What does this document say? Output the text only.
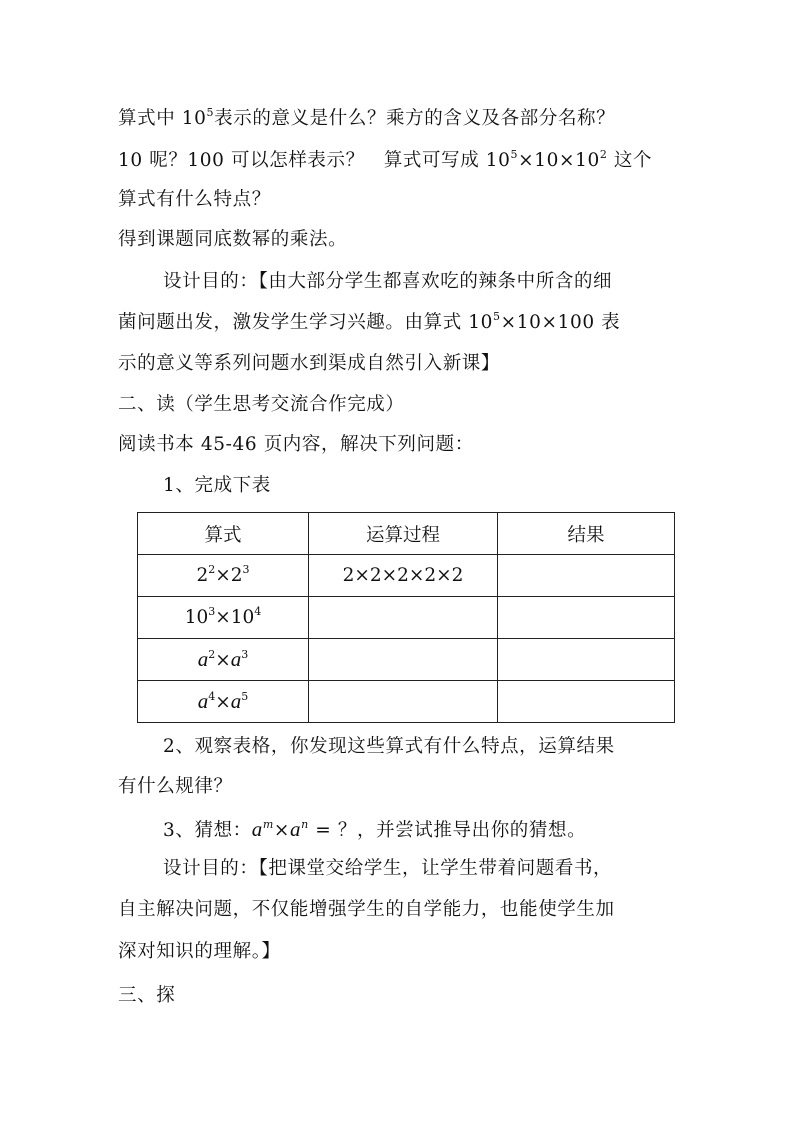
算式中 $10^5$表示的意义是什么？乘方的含义及各部分名称？
10 呢？100 可以怎样表示？　算式可写成 $10^5\times 10\times 10^2$ 这个
算式有什么特点？
得到课题同底数幂的乘法。
设计目的：【由大部分学生都喜欢吃的辣条中所含的细
菌问题出发，激发学生学习兴趣。由算式 $10^5\times 10\times 100$ 表
示的意义等系列问题水到渠成自然引入新课】
二、读（学生思考交流合作完成）
阅读书本 45-46 页内容，解决下列问题：
1、完成下表
算式	运算过程	结果
$2^2\times 2^3$	2×2×2×2×2	
$10^3\times 10^4$		
$a^2\times a^3$		
$a^4\times a^5$		
2、观察表格，你发现这些算式有什么特点，运算结果
有什么规律？
3、猜想：$a^m\times a^n$ = ？，并尝试推导出你的猜想。
设计目的：【把课堂交给学生，让学生带着问题看书，
自主解决问题，不仅能增强学生的自学能力，也能使学生加
深对知识的理解。】
三、探
